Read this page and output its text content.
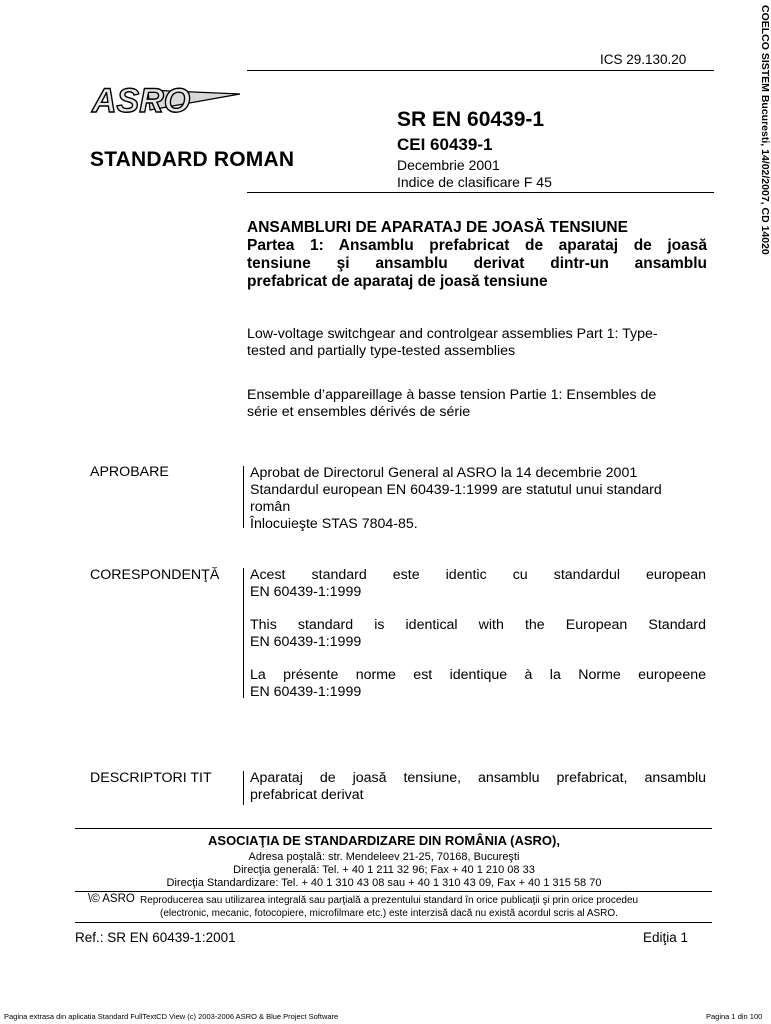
ICS 29.130.20
ASRO
STANDARD ROMAN
SR EN 60439-1
CEI 60439-1
Decembrie 2001
Indice de clasificare F 45
ANSAMBLURI DE APARATAJ DE JOASĂ TENSIUNE
Partea 1: Ansamblu prefabricat de aparataj de joasă
tensiune şi ansamblu derivat dintr-un ansamblu
prefabricat de aparataj de joasă tensiune
Low-voltage switchgear and controlgear assemblies Part 1: Type-
tested and partially type-tested assemblies
Ensemble d’appareillage à basse tension Partie 1: Ensembles de
série et ensembles dérivés de série
APROBARE	Aprobat de Directorul General al ASRO la 14 decembrie 2001
Standardul european EN 60439-1:1999 are statutul unui standard
român
Înlocuieşte STAS 7804-85.
CORESPONDENŢĂ Acest standard este identic cu standardul european
EN 60439-1:1999
This standard is identical with the European Standard
EN 60439-1:1999
La présente norme est identique à la Norme europeene
EN 60439-1:1999
DESCRIPTORI TIT	Aparataj de joasă tensiune, ansamblu prefabricat, ansamblu
prefabricat derivat
ASOCIAŢIA DE STANDARDIZARE DIN ROMÂNIA (ASRO),
Adresa poştală: str. Mendeleev 21-25, 70168, Bucureşti
Direcţia generală: Tel. + 40 1 211 32 96; Fax + 40 1 210 08 33
Direcţia Standardizare: Tel. + 40 1 310 43 08 sau + 40 1 310 43 09, Fax + 40 1 315 58 70
\© ASRO Reproducerea sau utilizarea integrală sau parţială a prezentului standard în orice publicaţii şi prin orice procedeu
(electronic, mecanic, fotocopiere, microfilmare etc.) este interzisă dacă nu există acordul scris al ASRO.
Ref.: SR EN 60439-1:2001	Ediţia 1
Pagina extrasa din aplicatia Standard FullTextCD View (c) 2003-2006 ASRO & Blue Project Software	Pagina 1 din 100
COELCO SISTEM Bucuresti, 14/02/2007, CD 14020
